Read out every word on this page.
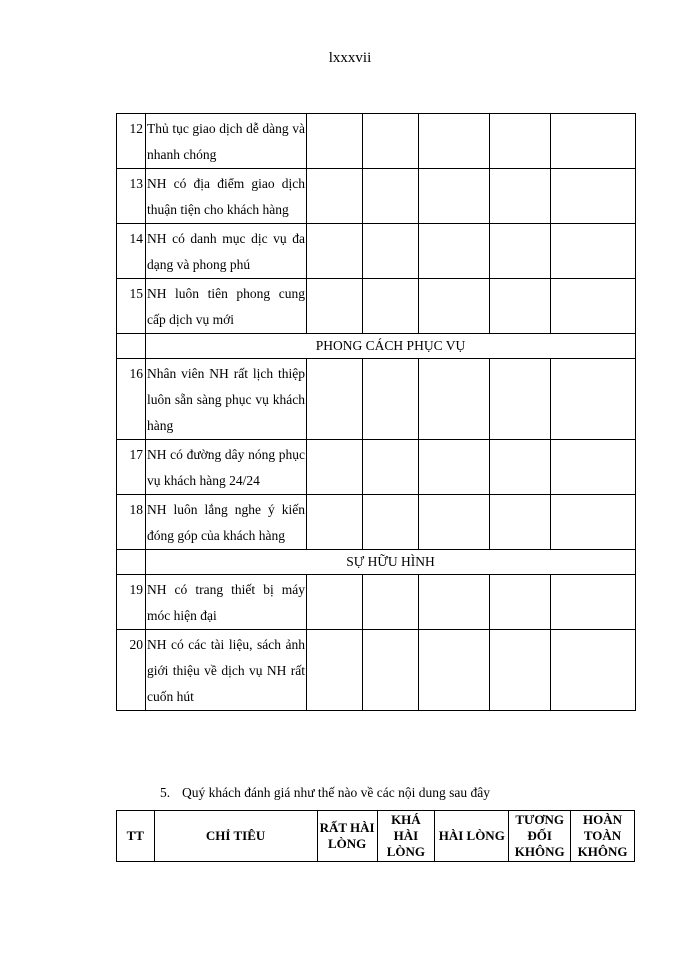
lxxxvii
12	Thủ tục giao dịch dễ dàng và nhanh chóng					
13	NH có địa điểm giao dịch thuận tiện cho khách hàng					
14	NH có danh mục dịc vụ đa dạng và phong phú					
15	NH luôn tiên phong cung cấp dịch vụ mới					
	PHONG CÁCH PHỤC VỤ					
16	Nhân viên NH rất lịch thiệp luôn sẵn sàng phục vụ khách hàng					
17	NH có đường dây nóng phục vụ khách hàng 24/24					
18	NH luôn lắng nghe ý kiến đóng góp của khách hàng					
	SỰ HỮU HÌNH					
19	NH có trang thiết bị máy móc hiện đại					
20	NH có các tài liệu, sách ảnh giới thiệu về dịch vụ NH rất cuốn hút					
5. Quý khách đánh giá như thế nào về các nội dung sau đây
TT	CHỈ TIÊU	RẤT HÀI LÒNG	KHÁ HÀI LÒNG	HÀI LÒNG	TƯƠNG ĐỐI KHÔNG	HOÀN TOÀN KHÔNG
